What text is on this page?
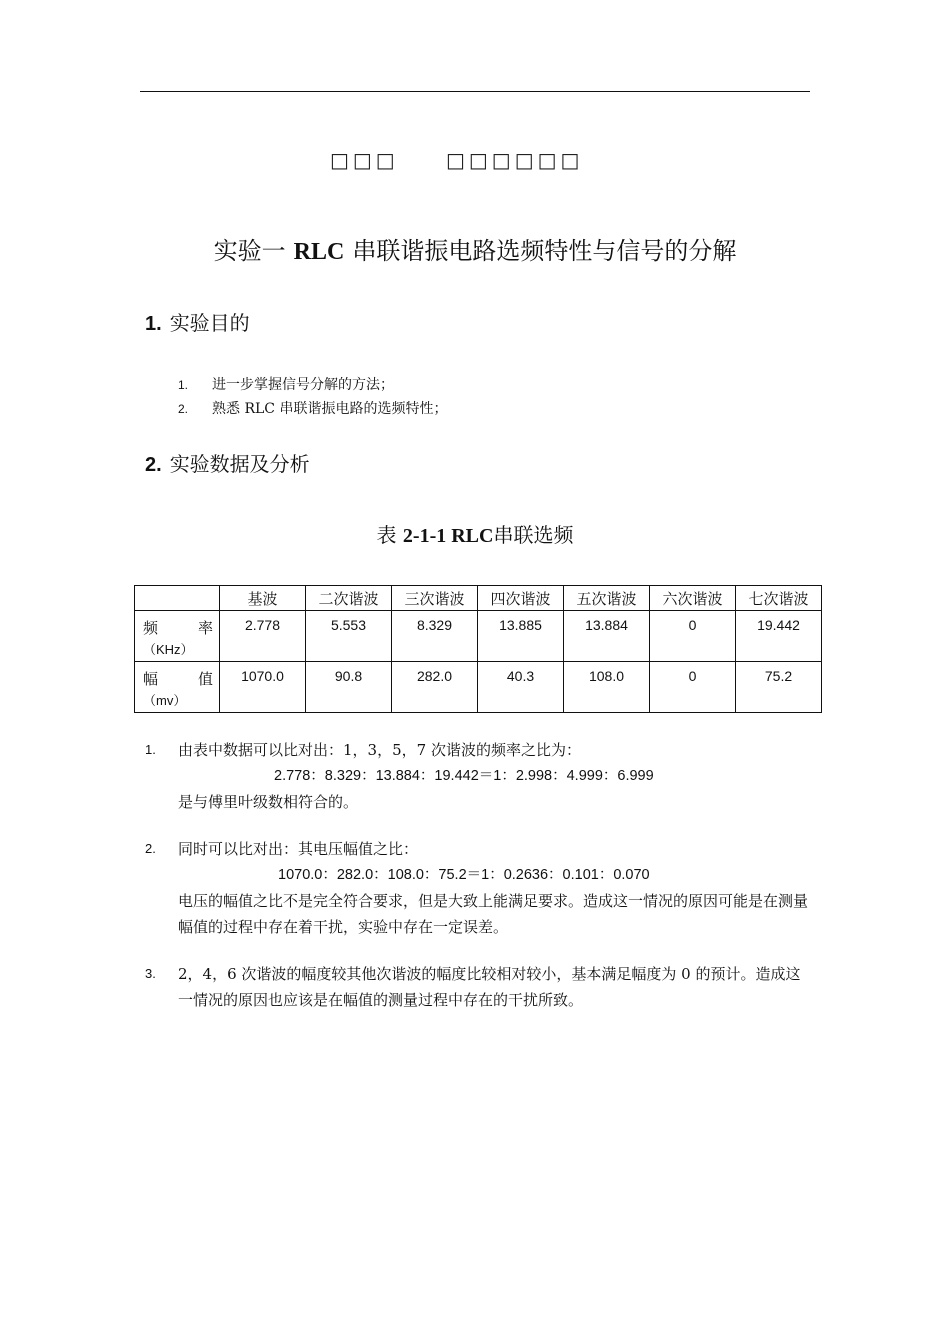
□□□ □□□□□□
实验一 RLC 串联谐振电路选频特性与信号的分解
1. 实验目的
1. 进一步掌握信号分解的方法；
2. 熟悉 RLC 串联谐振电路的选频特性；
2. 实验数据及分析
表 2-1-1 RLC串联选频
	基波	二次谐波	三次谐波	四次谐波	五次谐波	六次谐波	七次谐波

频 率
（KHz）	2.778	5.553	8.329	13.885	13.884	0	19.442

幅 值
（mv）	1070.0	90.8	282.0	40.3	108.0	0	75.2
1. 由表中数据可以比对出：1，3，5，7 次谐波的频率之比为：
2.778：8.329：13.884：19.442＝1：2.998：4.999：6.999
是与傅里叶级数相符合的。
2. 同时可以比对出：其电压幅值之比：
1070.0：282.0：108.0：75.2＝1：0.2636：0.101：0.070
电压的幅值之比不是完全符合要求，但是大致上能满足要求。造成这一情况的原因可能是在测量幅值的过程中存在着干扰，实验中存在一定误差。
3. 2，4，6 次谐波的幅度较其他次谐波的幅度比较相对较小，基本满足幅度为 0 的预计。造成这一情况的原因也应该是在幅值的测量过程中存在的干扰所致。
